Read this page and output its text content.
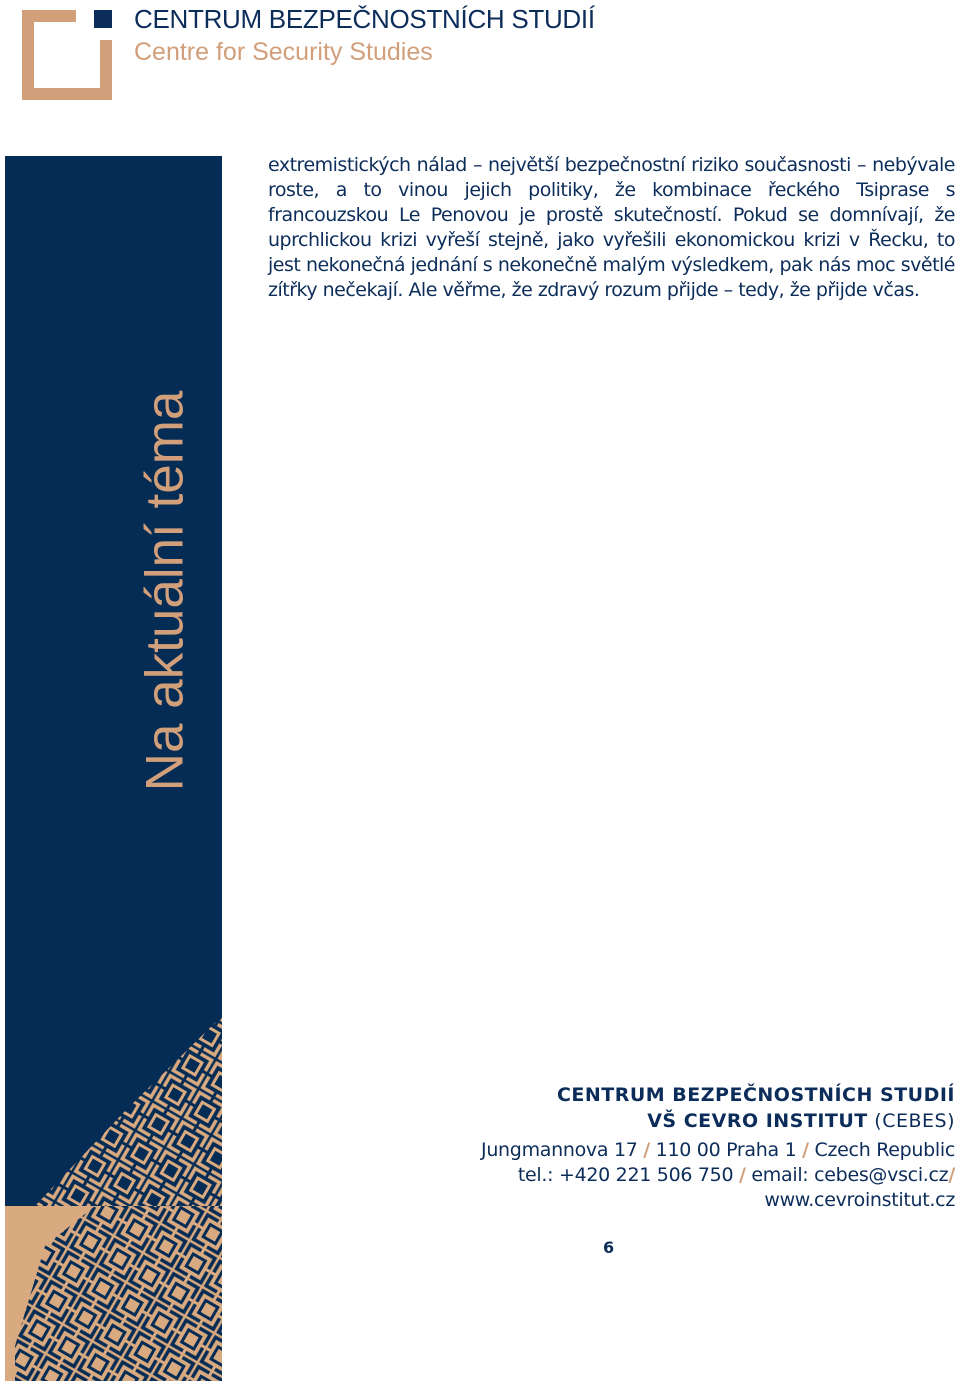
CENTRUM BEZPEČNOSTNÍCH STUDIÍ
Centre for Security Studies
Na aktuální téma

extremistických nálad – největší bezpečnostní riziko současnosti – nebývale roste, a to vinou jejich politiky, že kombinace řeckého Tsiprase s francouzskou Le Penovou je prostě skutečností. Pokud se domnívají, že uprchlickou krizi vyřeší stejně, jako vyřešili ekonomickou krizi v Řecku, to jest nekonečná jednání s nekonečně malým výsledkem, pak nás moc světlé zítřky nečekají. Ale věřme, že zdravý rozum přijde – tedy, že přijde včas.

CENTRUM BEZPEČNOSTNÍCH STUDIÍ
VŠ CEVRO INSTITUT (CEBES)
Jungmannova 17 / 110 00 Praha 1 / Czech Republic
tel.: +420 221 506 750 / email: cebes@vsci.cz/
www.cevroinstitut.cz
6
